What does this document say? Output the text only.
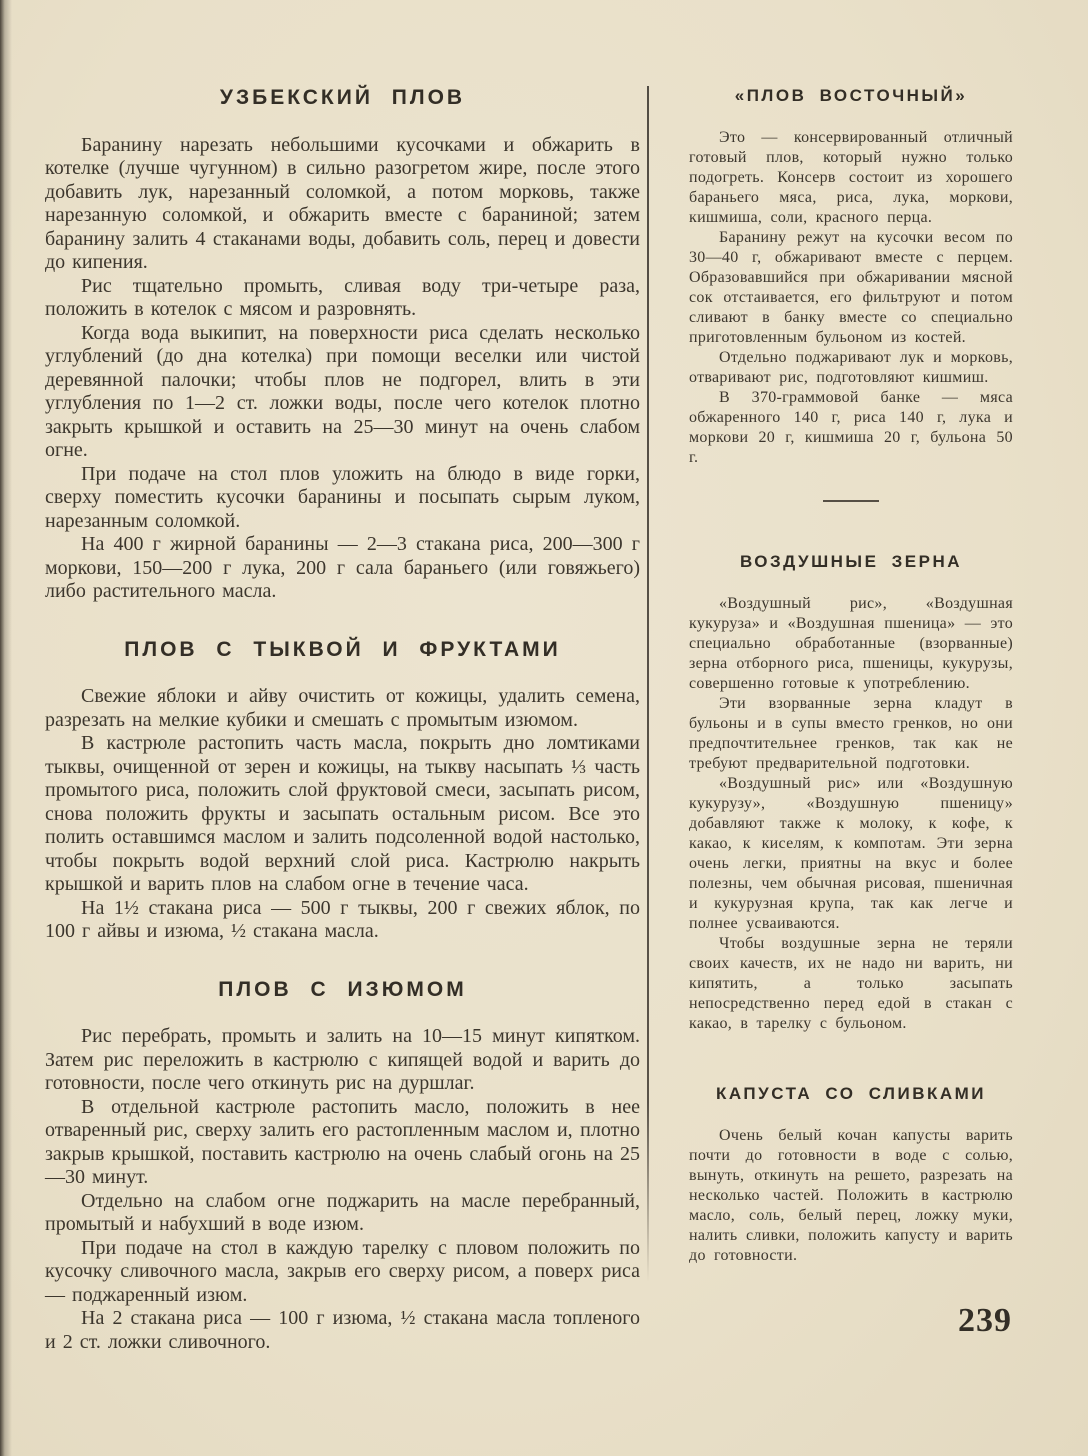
УЗБЕКСКИЙ ПЛОВ

Баранину нарезать небольшими кусочками и обжарить в котелке (лучше чугунном) в сильно разогретом жире, после этого добавить лук, нарезанный соломкой, а потом морковь, также нарезанную соломкой, и обжарить вместе с бараниной; затем баранину залить 4 стаканами воды, добавить соль, перец и довести до кипения.

Рис тщательно промыть, сливая воду три-четыре раза, положить в котелок с мясом и разровнять.

Когда вода выкипит, на поверхности риса сделать несколько углублений (до дна котелка) при помощи веселки или чистой деревянной палочки; чтобы плов не подгорел, влить в эти углубления по 1—2 ст. ложки воды, после чего котелок плотно закрыть крышкой и оставить на 25—30 минут на очень слабом огне.

При подаче на стол плов уложить на блюдо в виде горки, сверху поместить кусочки баранины и посыпать сырым луком, нарезанным соломкой.

На 400 г жирной баранины — 2—3 стакана риса, 200—300 г моркови, 150—200 г лука, 200 г сала бараньего (или говяжьего) либо растительного масла.

ПЛОВ С ТЫКВОЙ И ФРУКТАМИ

Свежие яблоки и айву очистить от кожицы, удалить семена, разрезать на мелкие кубики и смешать с промытым изюмом.

В кастрюле растопить часть масла, покрыть дно ломтиками тыквы, очищенной от зерен и кожицы, на тыкву насыпать ⅓ часть промытого риса, положить слой фруктовой смеси, засыпать рисом, снова положить фрукты и засыпать остальным рисом. Все это полить оставшимся маслом и залить подсоленной водой настолько, чтобы покрыть водой верхний слой риса. Кастрюлю накрыть крышкой и варить плов на слабом огне в течение часа.

На 1½ стакана риса — 500 г тыквы, 200 г свежих яблок, по 100 г айвы и изюма, ½ стакана масла.

ПЛОВ С ИЗЮМОМ

Рис перебрать, промыть и залить на 10—15 минут кипятком. Затем рис переложить в кастрюлю с кипящей водой и варить до готовности, после чего откинуть рис на дуршлаг.

В отдельной кастрюле растопить масло, положить в нее отваренный рис, сверху залить его растопленным маслом и, плотно закрыв крышкой, поставить кастрюлю на очень слабый огонь на 25—30 минут.

Отдельно на слабом огне поджарить на масле перебранный, промытый и набухший в воде изюм.

При подаче на стол в каждую тарелку с пловом положить по кусочку сливочного масла, закрыв его сверху рисом, а поверх риса — поджаренный изюм.

На 2 стакана риса — 100 г изюма, ½ стакана масла топленого и 2 ст. ложки сливочного.

«ПЛОВ ВОСТОЧНЫЙ»

Это — консервированный отличный готовый плов, который нужно только подогреть. Консерв состоит из хорошего бараньего мяса, риса, лука, моркови, кишмиша, соли, красного перца.

Баранину режут на кусочки весом по 30—40 г, обжаривают вместе с перцем. Образовавшийся при обжаривании мясной сок отстаивается, его фильтруют и потом сливают в банку вместе со специально приготовленным бульоном из костей.

Отдельно поджаривают лук и морковь, отваривают рис, подготовляют кишмиш.

В 370-граммовой банке — мяса обжаренного 140 г, риса 140 г, лука и моркови 20 г, кишмиша 20 г, бульона 50 г.

ВОЗДУШНЫЕ ЗЕРНА

«Воздушный рис», «Воздушная кукуруза» и «Воздушная пшеница» — это специально обработанные (взорванные) зерна отборного риса, пшеницы, кукурузы, совершенно готовые к употреблению.

Эти взорванные зерна кладут в бульоны и в супы вместо гренков, но они предпочтительнее гренков, так как не требуют предварительной подготовки.

«Воздушный рис» или «Воздушную кукурузу», «Воздушную пшеницу» добавляют также к молоку, к кофе, к какао, к киселям, к компотам. Эти зерна очень легки, приятны на вкус и более полезны, чем обычная рисовая, пшеничная и кукурузная крупа, так как легче и полнее усваиваются.

Чтобы воздушные зерна не теряли своих качеств, их не надо ни варить, ни кипятить, а только засыпать непосредственно перед едой в стакан с какао, в тарелку с бульоном.

КАПУСТА СО СЛИВКАМИ

Очень белый кочан капусты варить почти до готовности в воде с солью, вынуть, откинуть на решето, разрезать на несколько частей. Положить в кастрюлю масло, соль, белый перец, ложку муки, налить сливки, положить капусту и варить до готовности.

239
